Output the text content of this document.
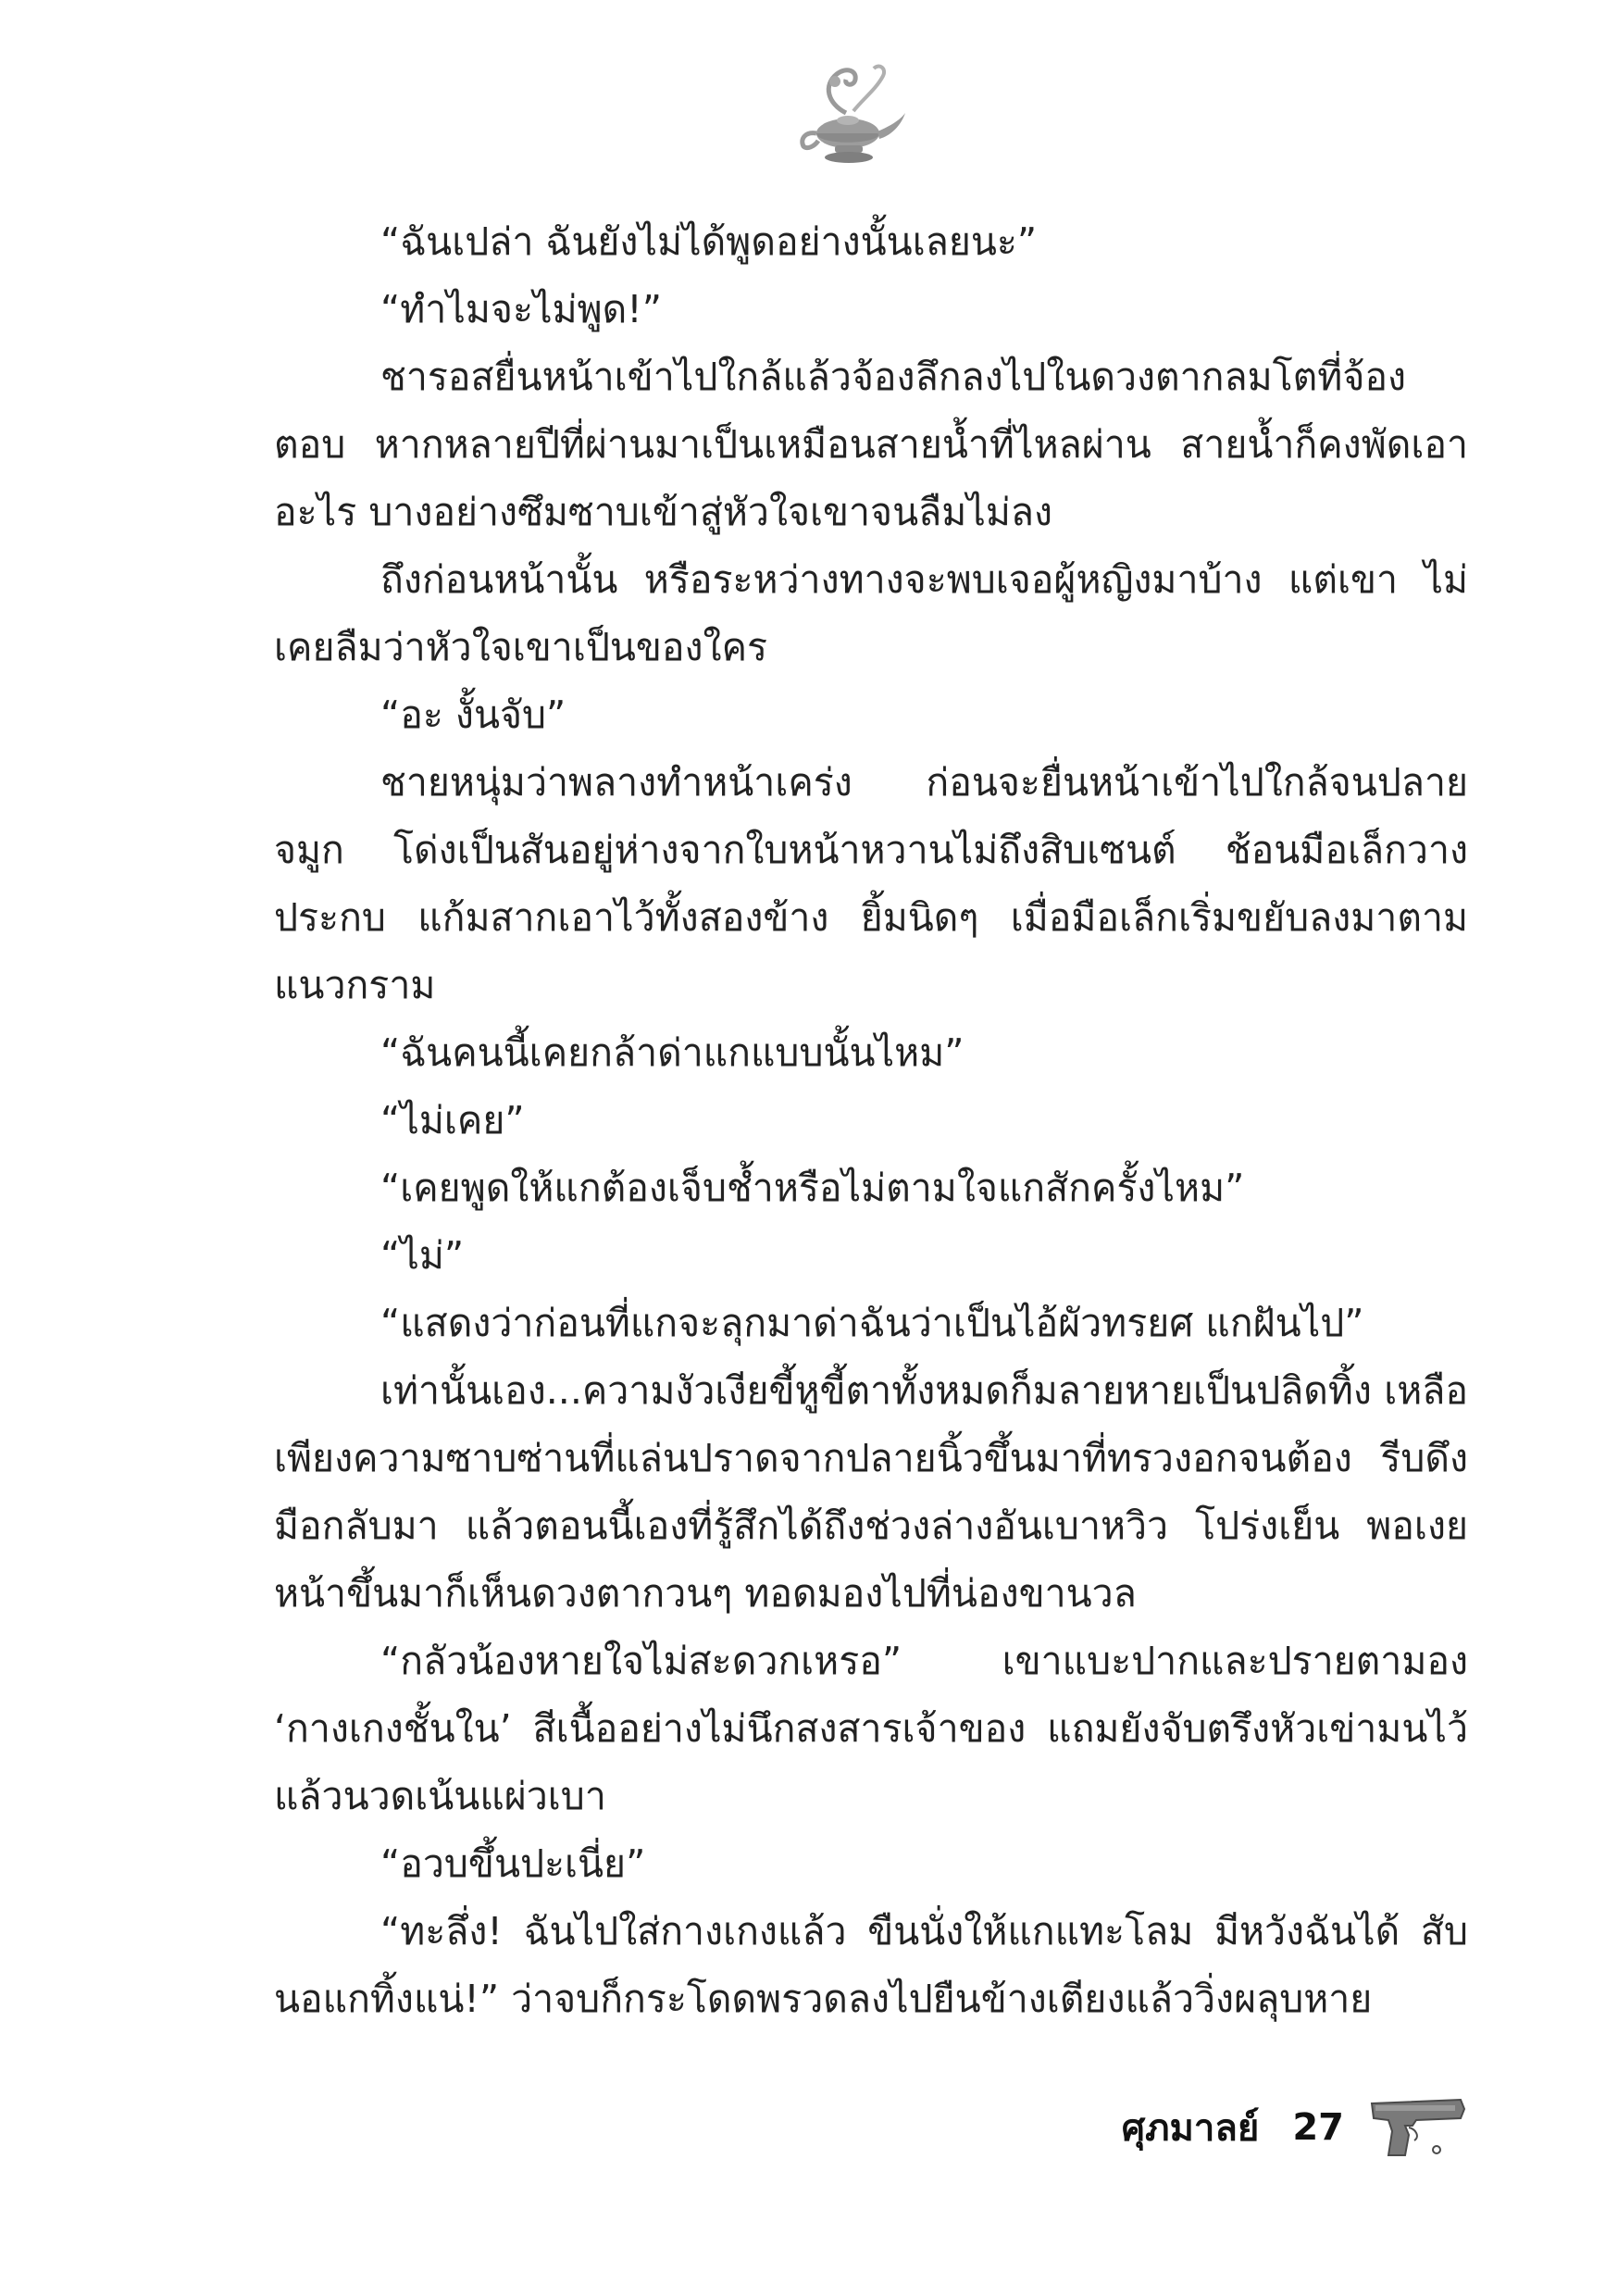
“ฉันเปล่า ฉันยังไม่ได้พูดอย่างนั้นเลยนะ”

“ทำไมจะไม่พูด!”

ชารอสยื่นหน้าเข้าไปใกล้แล้วจ้องลึกลงไปในดวงตากลมโตที่จ้องตอบ หากหลายปีที่ผ่านมาเป็นเหมือนสายน้ำที่ไหลผ่าน สายน้ำก็คงพัดเอาอะไร บางอย่างซึมซาบเข้าสู่หัวใจเขาจนลืมไม่ลง

ถึงก่อนหน้านั้น หรือระหว่างทางจะพบเจอผู้หญิงมาบ้าง แต่เขา ไม่เคยลืมว่าหัวใจเขาเป็นของใคร

“อะ งั้นจับ”

ชายหนุ่มว่าพลางทำหน้าเคร่ง ก่อนจะยื่นหน้าเข้าไปใกล้จนปลายจมูก โด่งเป็นสันอยู่ห่างจากใบหน้าหวานไม่ถึงสิบเซนต์ ช้อนมือเล็กวางประกบ แก้มสากเอาไว้ทั้งสองข้าง ยิ้มนิดๆ เมื่อมือเล็กเริ่มขยับลงมาตามแนวกราม

“ฉันคนนี้เคยกล้าด่าแกแบบนั้นไหม”

“ไม่เคย”

“เคยพูดให้แกต้องเจ็บช้ำหรือไม่ตามใจแกสักครั้งไหม”

“ไม่”

“แสดงว่าก่อนที่แกจะลุกมาด่าฉันว่าเป็นไอ้ผัวทรยศ แกฝันไป”

เท่านั้นเอง...ความงัวเงียขี้หูขี้ตาทั้งหมดก็มลายหายเป็นปลิดทิ้ง เหลือเพียงความซาบซ่านที่แล่นปราดจากปลายนิ้วขึ้นมาที่ทรวงอกจนต้อง รีบดึงมือกลับมา แล้วตอนนี้เองที่รู้สึกได้ถึงช่วงล่างอันเบาหวิว โปร่งเย็น พอเงยหน้าขึ้นมาก็เห็นดวงตากวนๆ ทอดมองไปที่น่องขานวล

“กลัวน้องหายใจไม่สะดวกเหรอ” เขาแบะปากและปรายตามอง ‘กางเกงชั้นใน’ สีเนื้ออย่างไม่นึกสงสารเจ้าของ แถมยังจับตรึงหัวเข่ามนไว้ แล้วนวดเน้นแผ่วเบา

“อวบขึ้นปะเนี่ย”

“ทะลึ่ง! ฉันไปใส่กางเกงแล้ว ขืนนั่งให้แกแทะโลม มีหวังฉันได้ สับนอแกทิ้งแน่!” ว่าจบก็กระโดดพรวดลงไปยืนข้างเตียงแล้ววิ่งผลุบหาย

ศุภมาลย์ 27
